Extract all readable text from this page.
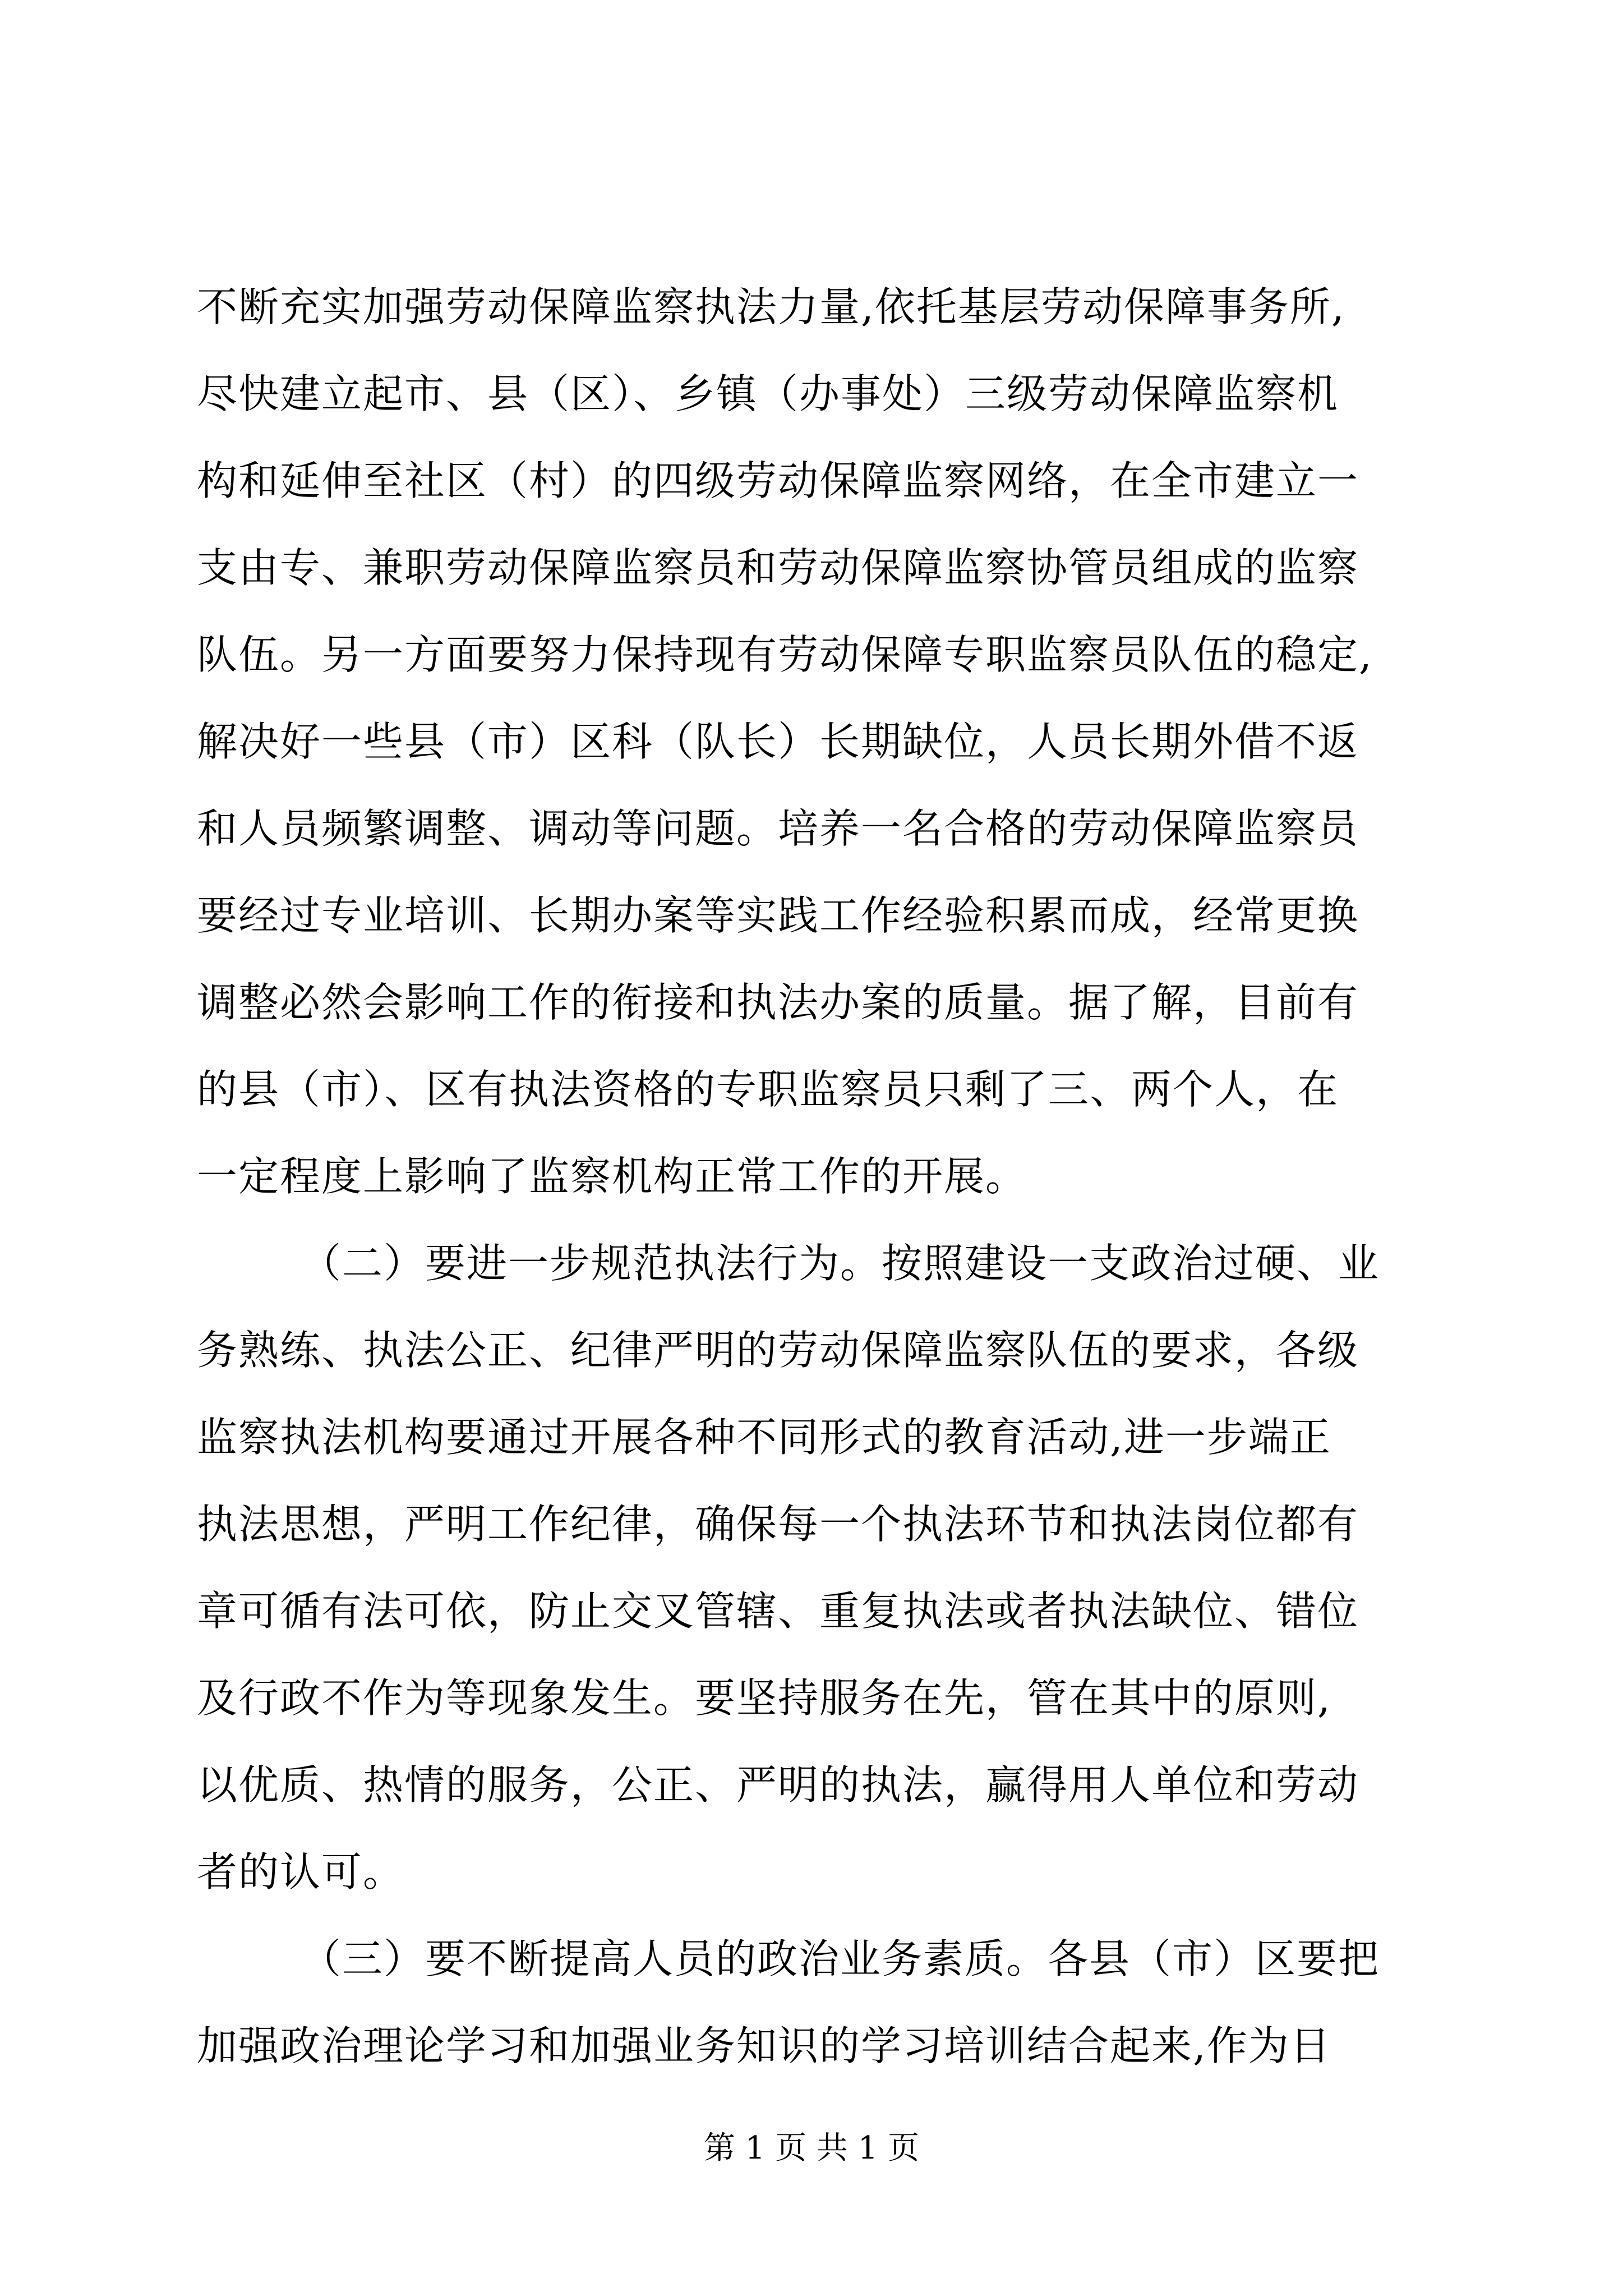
不断充实加强劳动保障监察执法力量,依托基层劳动保障事务所,
尽快建立起市、县（区）、乡镇（办事处）三级劳动保障监察机
构和延伸至社区（村）的四级劳动保障监察网络，在全市建立一
支由专、兼职劳动保障监察员和劳动保障监察协管员组成的监察
队伍。另一方面要努力保持现有劳动保障专职监察员队伍的稳定,
解决好一些县（市）区科（队长）长期缺位，人员长期外借不返
和人员频繁调整、调动等问题。培养一名合格的劳动保障监察员
要经过专业培训、长期办案等实践工作经验积累而成，经常更换
调整必然会影响工作的衔接和执法办案的质量。据了解，目前有
的县（市）、区有执法资格的专职监察员只剩了三、两个人，在
一定程度上影响了监察机构正常工作的开展。
（二）要进一步规范执法行为。按照建设一支政治过硬、业
务熟练、执法公正、纪律严明的劳动保障监察队伍的要求，各级
监察执法机构要通过开展各种不同形式的教育活动,进一步端正
执法思想，严明工作纪律，确保每一个执法环节和执法岗位都有
章可循有法可依，防止交叉管辖、重复执法或者执法缺位、错位
及行政不作为等现象发生。要坚持服务在先，管在其中的原则,
以优质、热情的服务，公正、严明的执法，赢得用人单位和劳动
者的认可。
（三）要不断提高人员的政治业务素质。各县（市）区要把
加强政治理论学习和加强业务知识的学习培训结合起来,作为日
第 1 页 共 1 页
